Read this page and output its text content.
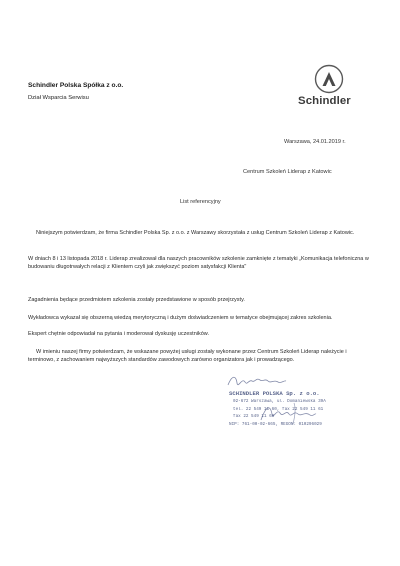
Schindler Polska Spółka z o.o.
Dział Wsparcia Serwisu	Schindler
Warszawa, 24.01.2019 r.
Centrum Szkoleń Liderap z Katowic
List referencyjny

Niniejszym potwierdzam, że firma Schindler Polska Sp. z o.o. z Warszawy skorzystała z usług Centrum Szkoleń Liderap z Katowic.

W dniach 8 i 13 listopada 2018 r. Liderap zrealizował dla naszych pracowników szkolenie zamknięte z tematyki „Komunikacja telefoniczna w budowaniu długotrwałych relacji z Klientem czyli jak zwiększyć poziom satysfakcji Klienta"

Zagadnienia będące przedmiotem szkolenia zostały przedstawione w sposób przejrzysty.

Wykładowca wykazał się obszerną wiedzą merytoryczną i dużym doświadczeniem w tematyce obejmującej zakres szkolenia.

Ekspert chętnie odpowiadał na pytania i moderował dyskusję uczestników.

W imieniu naszej firmy potwierdzam, że wskazane powyżej usługi zostały wykonane przez Centrum Szkoleń Liderap należycie i terminowo, z zachowaniem najwyższych standardów zawodowych zarówno organizatora jak i prowadzącego.

SCHINDLER POLSKA Sp. z o.o.
02-672 Warszawa, ul. Domaniewska 39A
tel. 22 549 11 60, fax 22 549 11 61
fax 22 549 11 68
NIP: 761-00-02-665, REGON: 010296029
